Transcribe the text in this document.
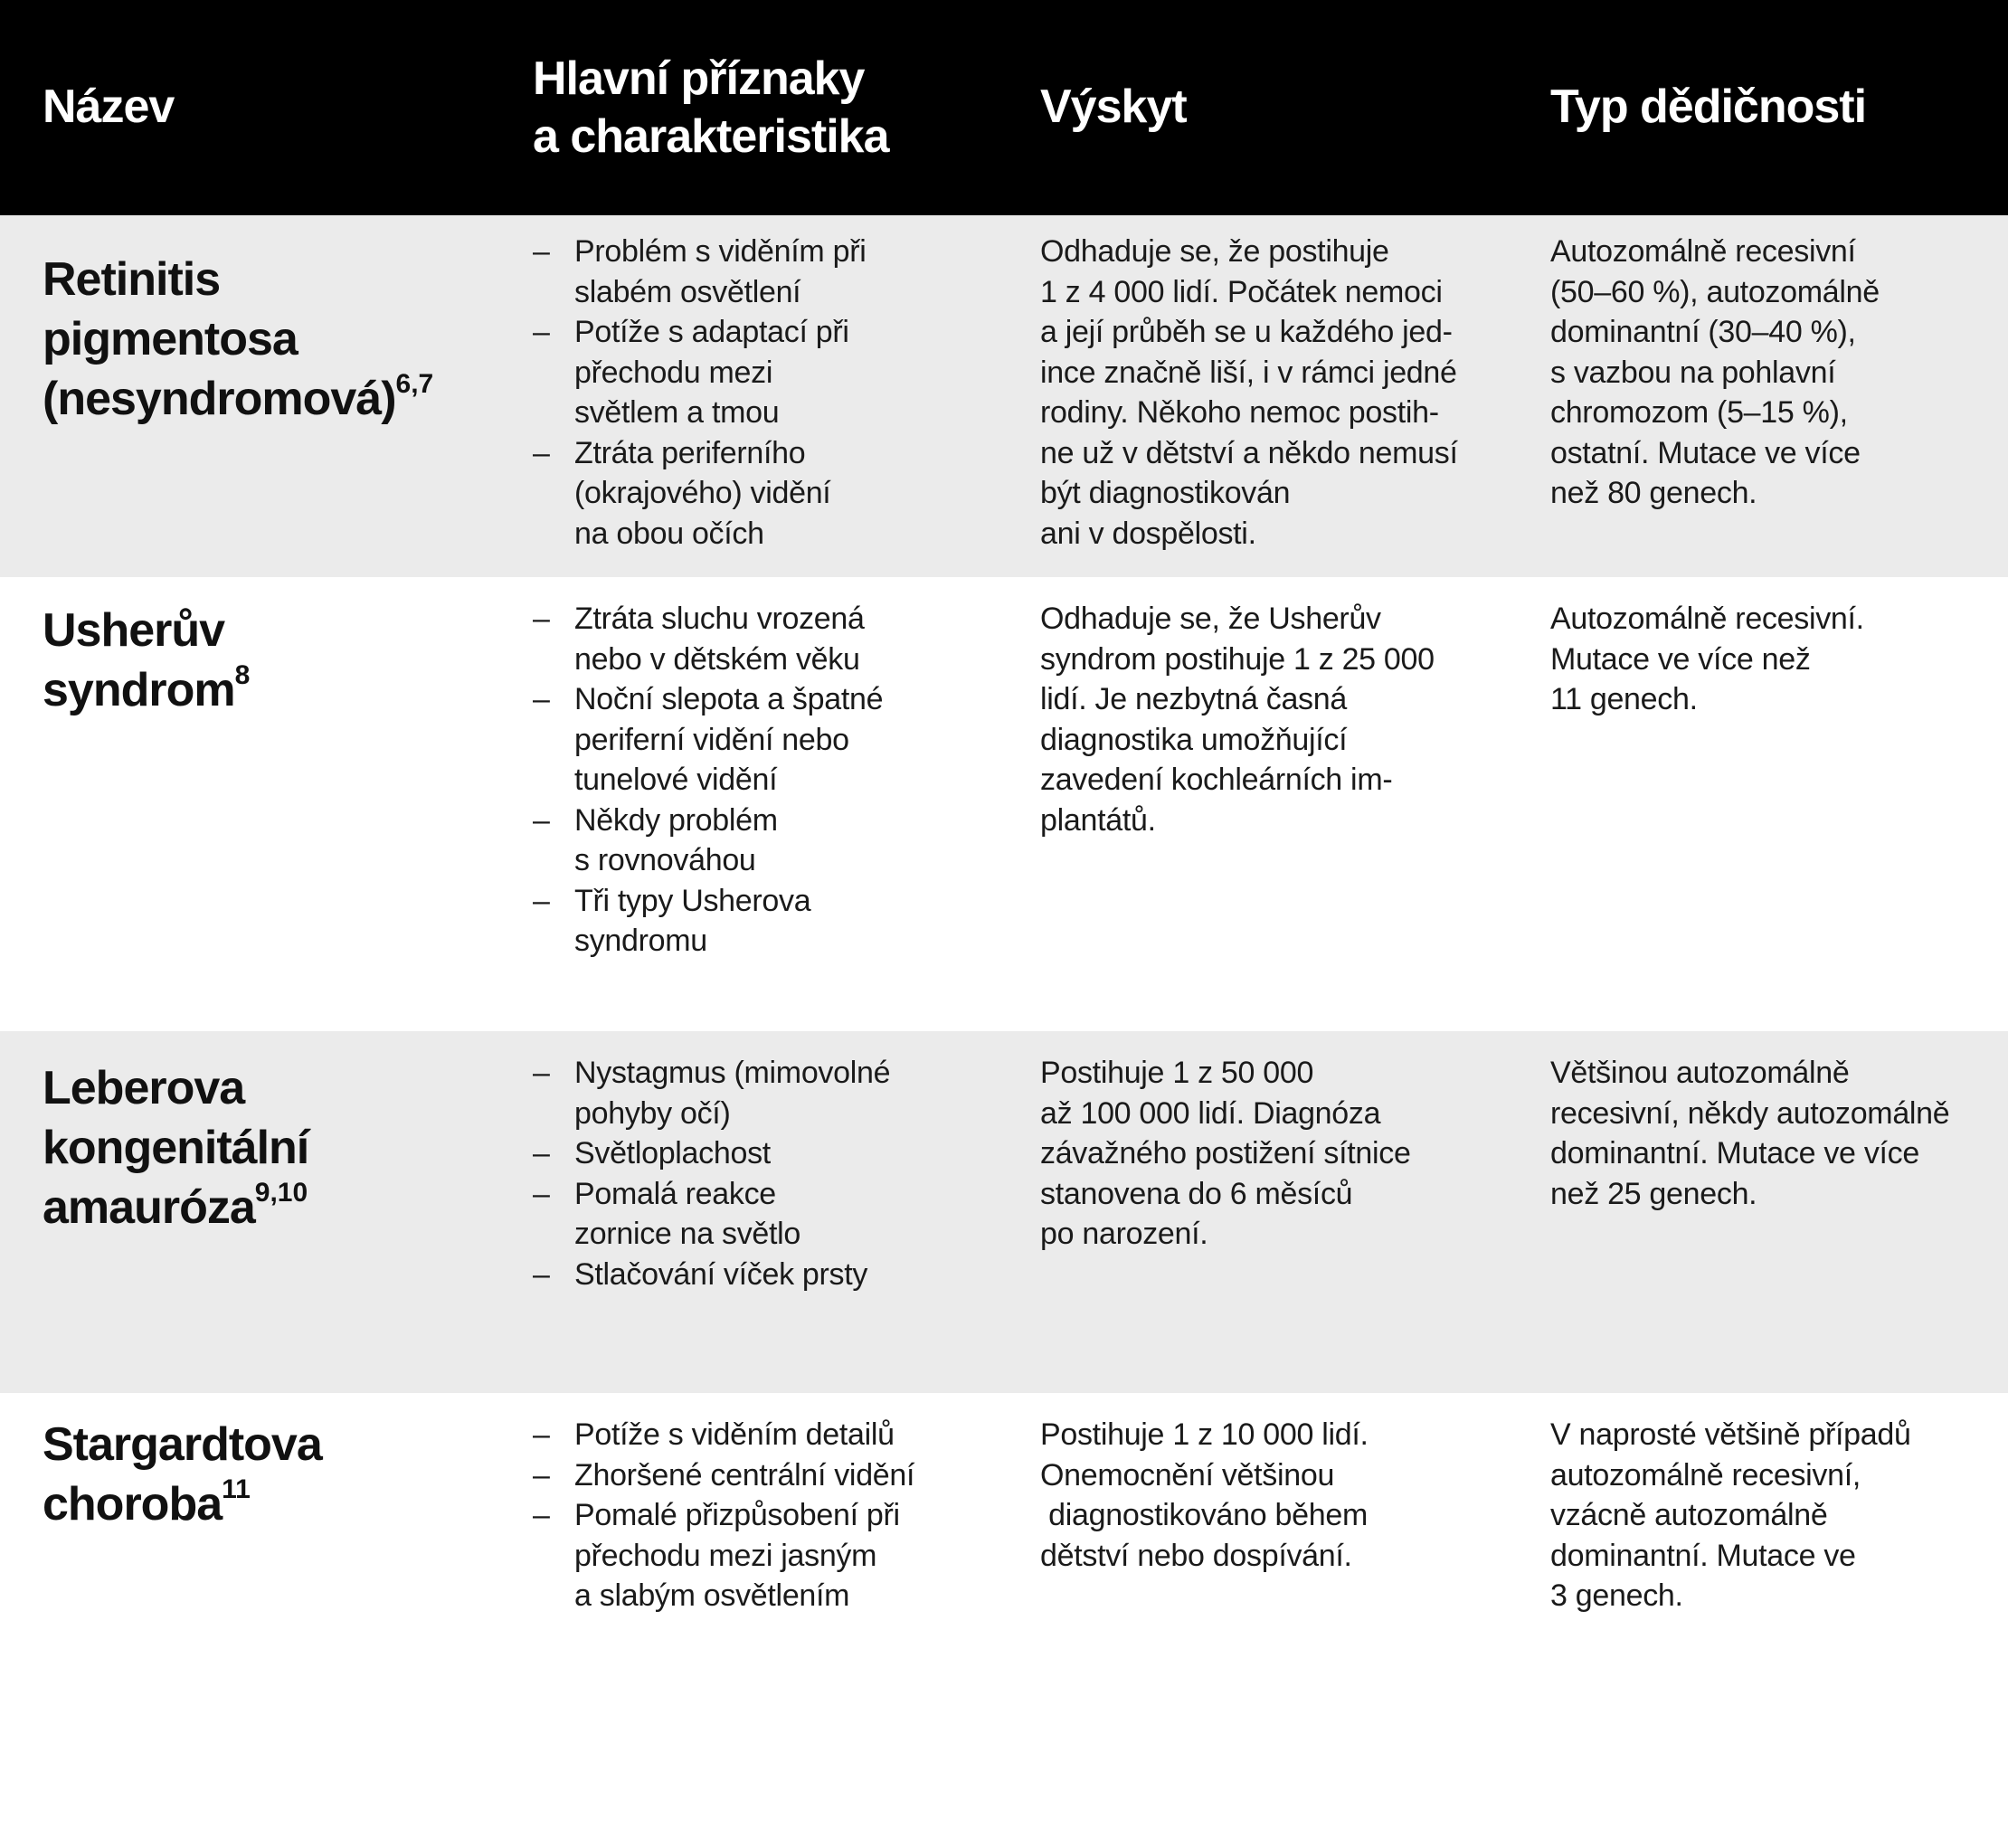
Název
Hlavní příznaky
a charakteristika
Výskyt	Typ dědičnosti
Retinitis
pigmentosa
(nesyndromová)$^{6,7}$
– Problém s viděním při
slabém osvětlení
– Potíže s adaptací při
přechodu mezi
světlem a tmou
– Ztráta periferního
(okrajového) vidění
na obou očích
Odhaduje se, že postihuje
1 z 4 000 lidí. Počátek nemoci
a její průběh se u každého jed-
ince značně liší, i v rámci jedné
rodiny. Někoho nemoc postih-
ne už v dětství a někdo nemusí
být diagnostikován
ani v dospělosti.
Autozomálně recesivní
(50–60 %), autozomálně
dominantní (30–40 %),
s vazbou na pohlavní
chromozom (5–15 %),
ostatní. Mutace ve více
než 80 genech.
Usherův
syndrom$^8$
– Ztráta sluchu vrozená
nebo v dětském věku
– Noční slepota a špatné
periferní vidění nebo
tunelové vidění
– Někdy problém
s rovnováhou
– Tři typy Usherova
syndromu
Odhaduje se, že Usherův
syndrom postihuje 1 z 25 000
lidí. Je nezbytná časná
diagnostika umožňující
zavedení kochleárních im-
plantátů.
Autozomálně recesivní.
Mutace ve více než
11 genech.
Leberova
kongenitální
amauróza$^{9,10}$
– Nystagmus (mimovolné
pohyby očí)
– Světloplachost
– Pomalá reakce
zornice na světlo
– Stlačování víček prsty
Postihuje 1 z 50 000
až 100 000 lidí. Diagnóza
závažného postižení sítnice
stanovena do 6 měsíců
po narození.
Většinou autozomálně
recesivní, někdy autozomálně
dominantní. Mutace ve více
než 25 genech.
Stargardtova
choroba$^{11}$
– Potíže s viděním detailů
– Zhoršené centrální vidění
– Pomalé přizpůsobení při
přechodu mezi jasným
a slabým osvětlením
Postihuje 1 z 10 000 lidí.
Onemocnění většinou
diagnostikováno během
dětství nebo dospívání.
V naprosté většině případů
autozomálně recesivní,
vzácně autozomálně
dominantní. Mutace ve
3 genech.
